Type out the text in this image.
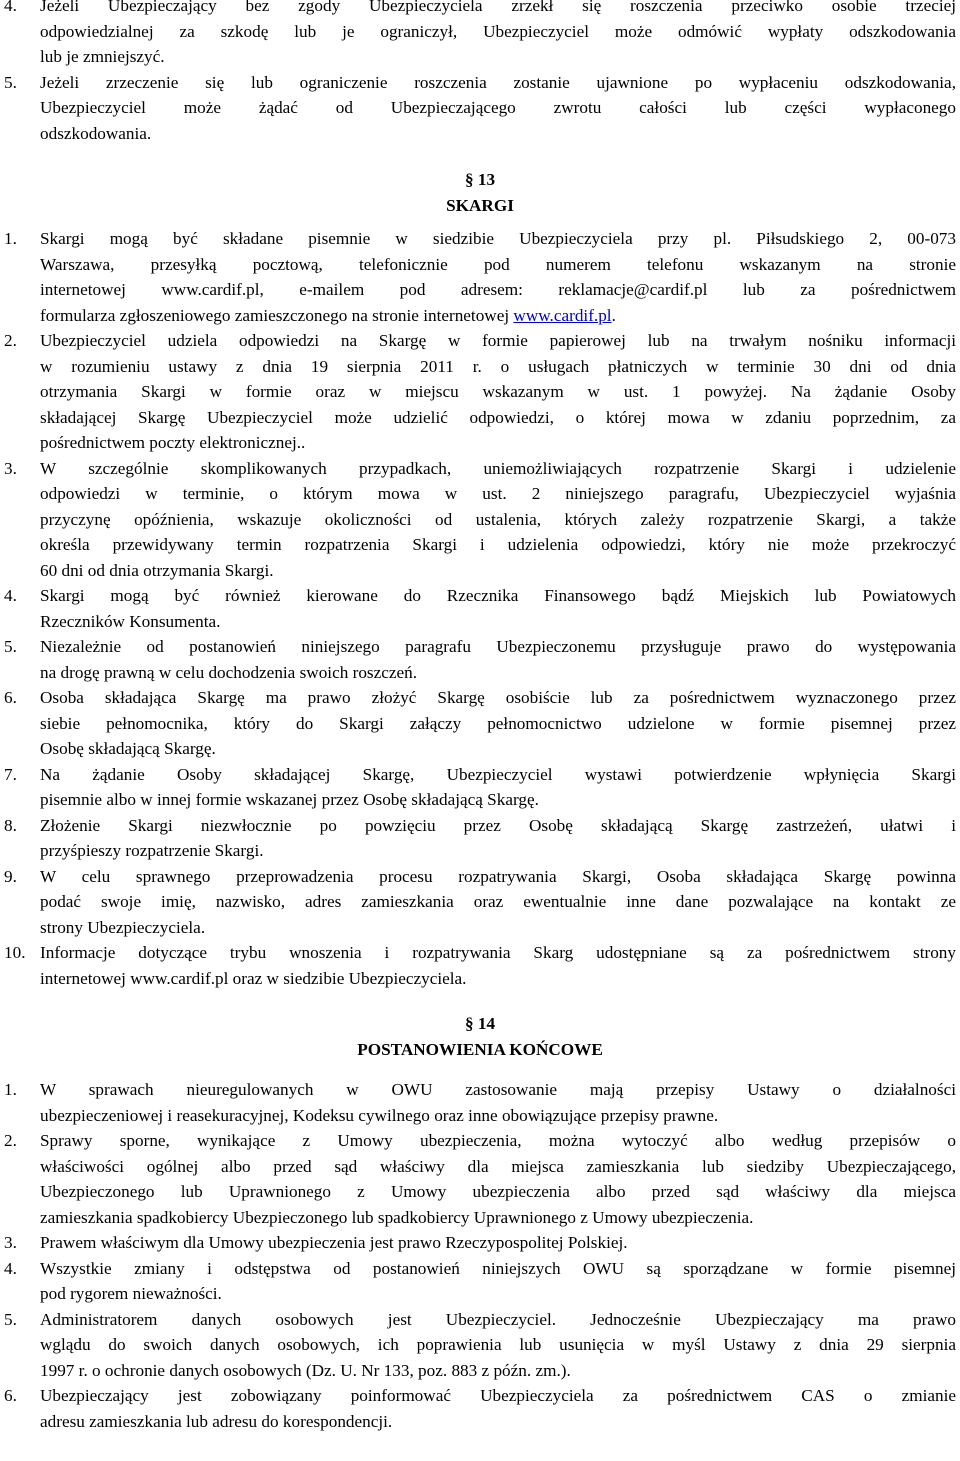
4. Jeżeli Ubezpieczający bez zgody Ubezpieczyciela zrzekł się roszczenia przeciwko osobie trzeciej
odpowiedzialnej za szkodę lub je ograniczył, Ubezpieczyciel może odmówić wypłaty odszkodowania
lub je zmniejszyć.
5. Jeżeli zrzeczenie się lub ograniczenie roszczenia zostanie ujawnione po wypłaceniu odszkodowania,
Ubezpieczyciel może żądać od Ubezpieczającego zwrotu całości lub części wypłaconego
odszkodowania.
§ 13
SKARGI
1. Skargi mogą być składane pisemnie w siedzibie Ubezpieczyciela przy pl. Piłsudskiego 2, 00-073
Warszawa, przesyłką pocztową, telefonicznie pod numerem telefonu wskazanym na stronie
internetowej www.cardif.pl, e-mailem pod adresem: reklamacje@cardif.pl lub za pośrednictwem
formularza zgłoszeniowego zamieszczonego na stronie internetowej www.cardif.pl.
2. Ubezpieczyciel udziela odpowiedzi na Skargę w formie papierowej lub na trwałym nośniku informacji
w rozumieniu ustawy z dnia 19 sierpnia 2011 r. o usługach płatniczych w terminie 30 dni od dnia
otrzymania Skargi w formie oraz w miejscu wskazanym w ust. 1 powyżej. Na żądanie Osoby
składającej Skargę Ubezpieczyciel może udzielić odpowiedzi, o której mowa w zdaniu poprzednim, za
pośrednictwem poczty elektronicznej..
3. W szczególnie skomplikowanych przypadkach, uniemożliwiających rozpatrzenie Skargi i udzielenie
odpowiedzi w terminie, o którym mowa w ust. 2 niniejszego paragrafu, Ubezpieczyciel wyjaśnia
przyczynę opóźnienia, wskazuje okoliczności od ustalenia, których zależy rozpatrzenie Skargi, a także
określa przewidywany termin rozpatrzenia Skargi i udzielenia odpowiedzi, który nie może przekroczyć
60 dni od dnia otrzymania Skargi.
4. Skargi mogą być również kierowane do Rzecznika Finansowego bądź Miejskich lub Powiatowych
Rzeczników Konsumenta.
5. Niezależnie od postanowień niniejszego paragrafu Ubezpieczonemu przysługuje prawo do występowania
na drogę prawną w celu dochodzenia swoich roszczeń.
6. Osoba składająca Skargę ma prawo złożyć Skargę osobiście lub za pośrednictwem wyznaczonego przez
siebie pełnomocnika, który do Skargi załączy pełnomocnictwo udzielone w formie pisemnej przez
Osobę składającą Skargę.
7. Na żądanie Osoby składającej Skargę, Ubezpieczyciel wystawi potwierdzenie wpłynięcia Skargi
pisemnie albo w innej formie wskazanej przez Osobę składającą Skargę.
8. Złożenie Skargi niezwłocznie po powzięciu przez Osobę składającą Skargę zastrzeżeń, ułatwi i
przyśpieszy rozpatrzenie Skargi.
9. W celu sprawnego przeprowadzenia procesu rozpatrywania Skargi, Osoba składająca Skargę powinna
podać swoje imię, nazwisko, adres zamieszkania oraz ewentualnie inne dane pozwalające na kontakt ze
strony Ubezpieczyciela.
10. Informacje dotyczące trybu wnoszenia i rozpatrywania Skarg udostępniane są za pośrednictwem strony
internetowej www.cardif.pl oraz w siedzibie Ubezpieczyciela.
§ 14
POSTANOWIENIA KOŃCOWE
1. W sprawach nieuregulowanych w OWU zastosowanie mają przepisy Ustawy o działalności
ubezpieczeniowej i reasekuracyjnej, Kodeksu cywilnego oraz inne obowiązujące przepisy prawne.
2. Sprawy sporne, wynikające z Umowy ubezpieczenia, można wytoczyć albo według przepisów o
właściwości ogólnej albo przed sąd właściwy dla miejsca zamieszkania lub siedziby Ubezpieczającego,
Ubezpieczonego lub Uprawnionego z Umowy ubezpieczenia albo przed sąd właściwy dla miejsca
zamieszkania spadkobiercy Ubezpieczonego lub spadkobiercy Uprawnionego z Umowy ubezpieczenia.
3. Prawem właściwym dla Umowy ubezpieczenia jest prawo Rzeczypospolitej Polskiej.
4. Wszystkie zmiany i odstępstwa od postanowień niniejszych OWU są sporządzane w formie pisemnej
pod rygorem nieważności.
5. Administratorem danych osobowych jest Ubezpieczyciel. Jednocześnie Ubezpieczający ma prawo
wglądu do swoich danych osobowych, ich poprawienia lub usunięcia w myśl Ustawy z dnia 29 sierpnia
1997 r. o ochronie danych osobowych (Dz. U. Nr 133, poz. 883 z późn. zm.).
6. Ubezpieczający jest zobowiązany poinformować Ubezpieczyciela za pośrednictwem CAS o zmianie
adresu zamieszkania lub adresu do korespondencji.
